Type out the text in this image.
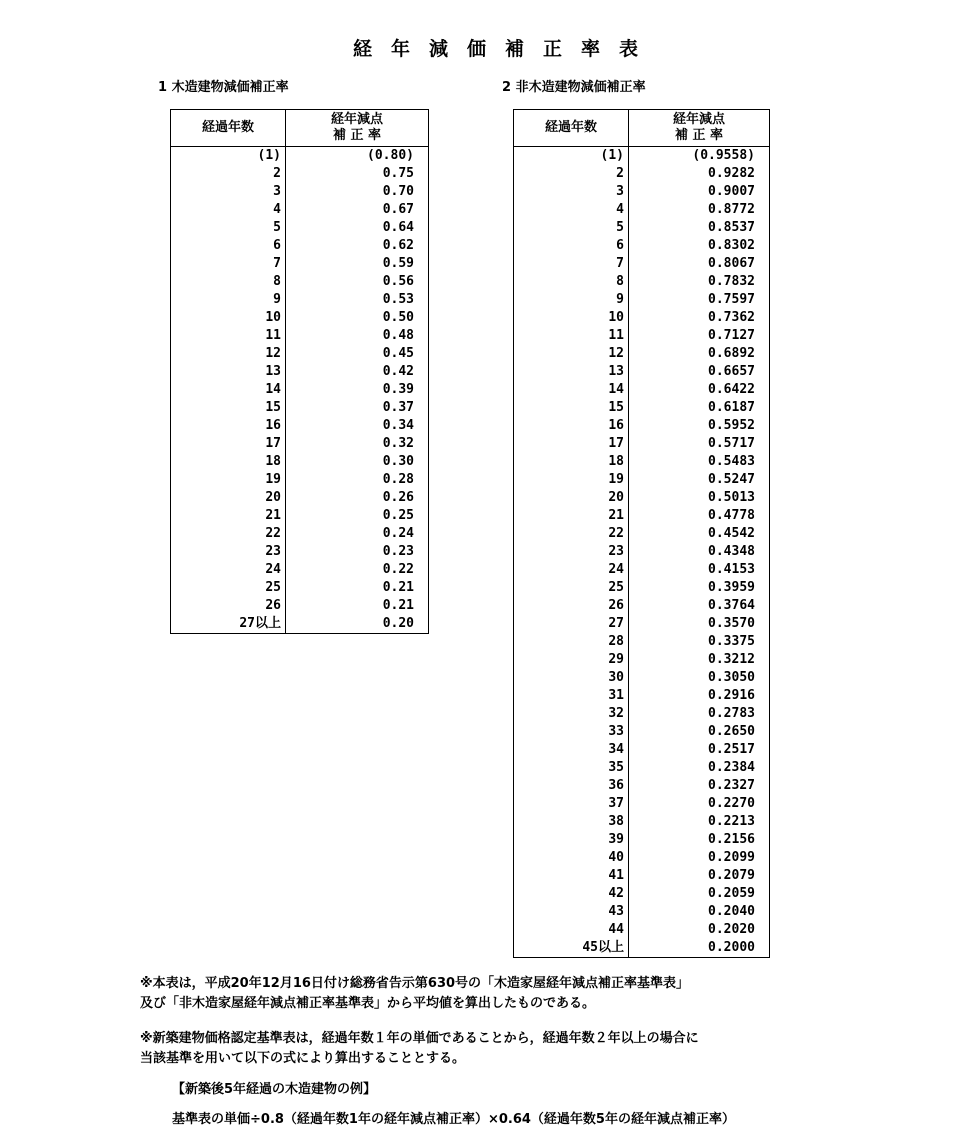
経年減価補正率表
1 木造建物減価補正率	2 非木造建物減価補正率
経過年数	経年減点
補 正 率
(1)	(0.80)
2	0.75
3	0.70
4	0.67
5	0.64
6	0.62
7	0.59
8	0.56
9	0.53
10	0.50
11	0.48
12	0.45
13	0.42
14	0.39
15	0.37
16	0.34
17	0.32
18	0.30
19	0.28
20	0.26
21	0.25
22	0.24
23	0.23
24	0.22
25	0.21
26	0.21
27以上	0.20
経過年数	経年減点
補 正 率
(1)	(0.9558)
2	0.9282
3	0.9007
4	0.8772
5	0.8537
6	0.8302
7	0.8067
8	0.7832
9	0.7597
10	0.7362
11	0.7127
12	0.6892
13	0.6657
14	0.6422
15	0.6187
16	0.5952
17	0.5717
18	0.5483
19	0.5247
20	0.5013
21	0.4778
22	0.4542
23	0.4348
24	0.4153
25	0.3959
26	0.3764
27	0.3570
28	0.3375
29	0.3212
30	0.3050
31	0.2916
32	0.2783
33	0.2650
34	0.2517
35	0.2384
36	0.2327
37	0.2270
38	0.2213
39	0.2156
40	0.2099
41	0.2079
42	0.2059
43	0.2040
44	0.2020
45以上	0.2000
※本表は，平成20年12月16日付け総務省告示第630号の「木造家屋経年減点補正率基準表」
及び「非木造家屋経年減点補正率基準表」から平均値を算出したものである。
※新築建物価格認定基準表は，経過年数１年の単価であることから，経過年数２年以上の場合に
当該基準を用いて以下の式により算出することとする。
【新築後5年経過の木造建物の例】
基準表の単価÷0.8（経過年数1年の経年減点補正率）×0.64（経過年数5年の経年減点補正率）
